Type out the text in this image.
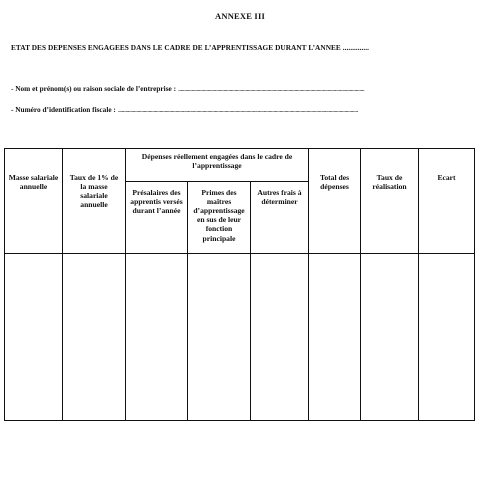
ANNEXE III
ETAT DES DEPENSES ENGAGEES DANS LE CADRE DE L’APPRENTISSAGE DURANT L’ANNEE ..............
- Nom et prénom(s) ou raison sociale de l’entreprise : ........................................................................................................................................................
- Numéro d’identification fiscale : ....................................................................................................................................................................................................
Masse salariale annuelle	Taux de 1% de la masse salariale annuelle	Dépenses réellement engagées dans le cadre de l’apprentissage			Total des dépenses	Taux de réalisation	Ecart

		Présalaires des apprentis versés durant l’année	Primes des maîtres d’apprentissage en sus de leur fonction principale	Autres frais à déterminer			
